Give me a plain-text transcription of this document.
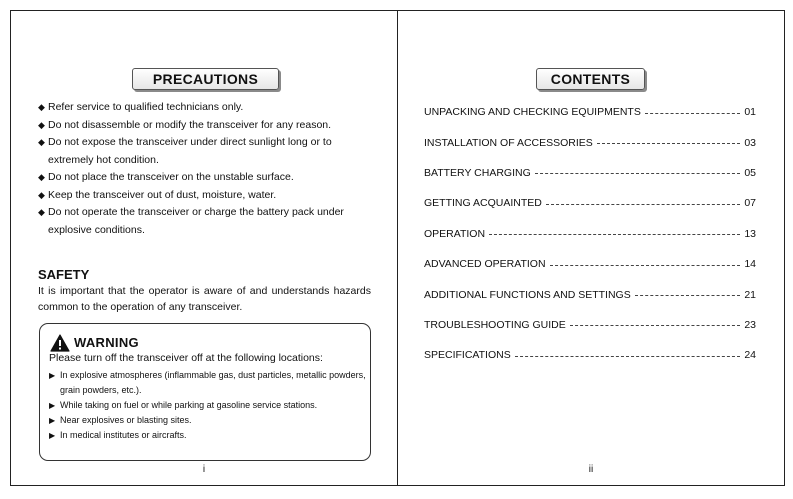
PRECAUTIONS
◆ Refer service to qualified technicians only.
◆ Do not disassemble or modify the transceiver for any reason.
◆ Do not expose the transceiver under direct sunlight long or to extremely hot condition.
◆ Do not place the transceiver on the unstable surface.
◆ Keep the transceiver out of dust, moisture, water.
◆ Do not operate the transceiver or charge the battery pack under explosive conditions.
SAFETY
It is important that the operator is aware of and understands hazards common to the operation of any transceiver.
WARNING
Please turn off the transceiver off at the following locations:
▶ In explosive atmospheres (inflammable gas, dust particles, metallic powders, grain powders, etc.).
▶ While taking on fuel or while parking at gasoline service stations.
▶ Near explosives or blasting sites.
▶ In medical institutes or aircrafts.
i
CONTENTS
UNPACKING AND CHECKING EQUIPMENTS	01
INSTALLATION OF ACCESSORIES	03
BATTERY CHARGING	05
GETTING ACQUAINTED	07
OPERATION	13
ADVANCED OPERATION	14
ADDITIONAL FUNCTIONS AND SETTINGS	21
TROUBLESHOOTING GUIDE	23
SPECIFICATIONS	24
ii
